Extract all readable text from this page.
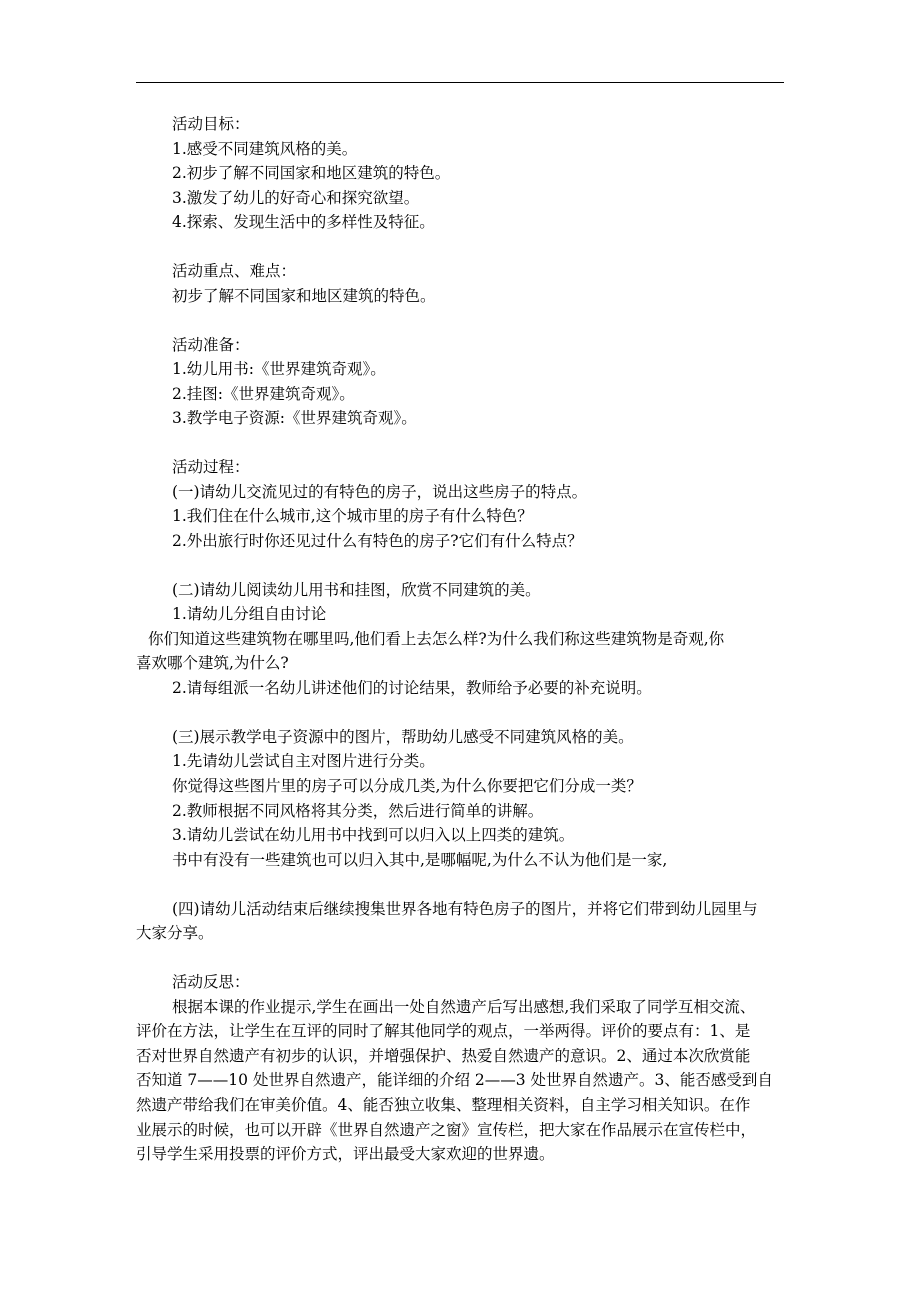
活动目标：
1.感受不同建筑风格的美。
2.初步了解不同国家和地区建筑的特色。
3.激发了幼儿的好奇心和探究欲望。
4.探索、发现生活中的多样性及特征。
活动重点、难点：
初步了解不同国家和地区建筑的特色。
活动准备：
1.幼儿用书:《世界建筑奇观》。
2.挂图:《世界建筑奇观》。
3.教学电子资源:《世界建筑奇观》。
活动过程：
(一)请幼儿交流见过的有特色的房子，说出这些房子的特点。
1.我们住在什么城市,这个城市里的房子有什么特色？
2.外出旅行时你还见过什么有特色的房子?它们有什么特点？
(二)请幼儿阅读幼儿用书和挂图，欣赏不同建筑的美。
1.请幼儿分组自由讨论
你们知道这些建筑物在哪里吗,他们看上去怎么样?为什么我们称这些建筑物是奇观,你
喜欢哪个建筑,为什么?
2.请每组派一名幼儿讲述他们的讨论结果，教师给予必要的补充说明。
(三)展示教学电子资源中的图片，帮助幼儿感受不同建筑风格的美。
1.先请幼儿尝试自主对图片进行分类。
你觉得这些图片里的房子可以分成几类,为什么你要把它们分成一类？
2.教师根据不同风格将其分类，然后进行简单的讲解。
3.请幼儿尝试在幼儿用书中找到可以归入以上四类的建筑。
书中有没有一些建筑也可以归入其中,是哪幅呢,为什么不认为他们是一家,
(四)请幼儿活动结束后继续搜集世界各地有特色房子的图片，并将它们带到幼儿园里与
大家分享。
活动反思：
根据本课的作业提示,学生在画出一处自然遗产后写出感想,我们采取了同学互相交流、
评价在方法，让学生在互评的同时了解其他同学的观点，一举两得。评价的要点有：1、是
否对世界自然遗产有初步的认识，并增强保护、热爱自然遗产的意识。2、通过本次欣赏能
否知道 7——10 处世界自然遗产，能详细的介绍 2——3 处世界自然遗产。3、能否感受到自
然遗产带给我们在审美价值。4、能否独立收集、整理相关资料，自主学习相关知识。在作
业展示的时候，也可以开辟《世界自然遗产之窗》宣传栏，把大家在作品展示在宣传栏中，
引导学生采用投票的评价方式，评出最受大家欢迎的世界遗。
